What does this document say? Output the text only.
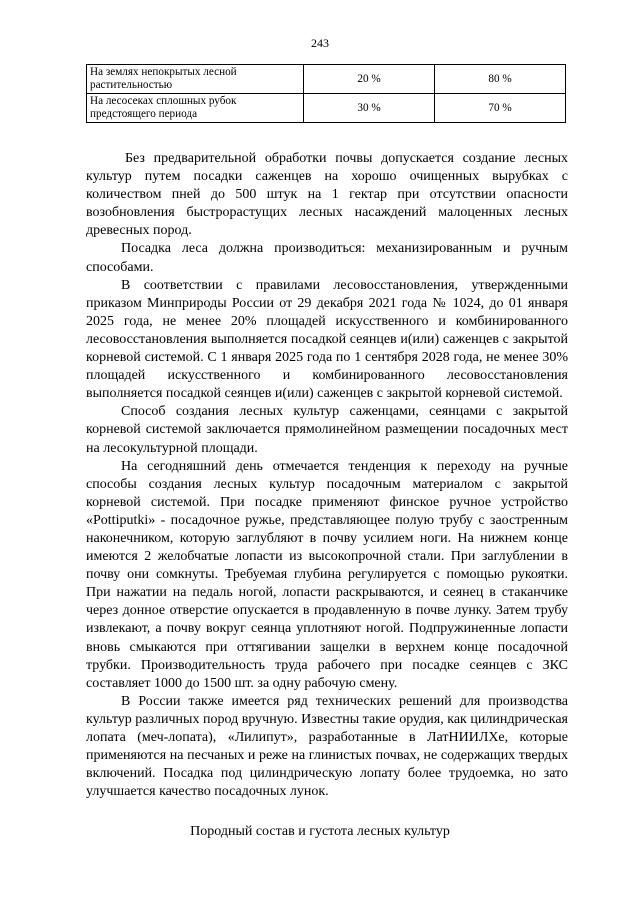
243
На землях непокрытых лесной растительностью	20 %	80 %
На лесосеках сплошных рубок предстоящего периода	30 %	70 %

Без предварительной обработки почвы допускается создание лесных культур путем посадки саженцев на хорошо очищенных вырубках с количеством пней до 500 штук на 1 гектар при отсутствии опасности возобновления быстрорастущих лесных насаждений малоценных лесных древесных пород.

Посадка леса должна производиться: механизированным и ручным способами.

В соответствии с правилами лесовосстановления, утвержденными приказом Минприроды России от 29 декабря 2021 года № 1024, до 01 января 2025 года, не менее 20% площадей искусственного и комбинированного лесовосстановления выполняется посадкой сеянцев и(или) саженцев с закрытой корневой системой. С 1 января 2025 года по 1 сентября 2028 года, не менее 30% площадей искусственного и комбинированного лесовосстановления выполняется посадкой сеянцев и(или) саженцев с закрытой корневой системой.

Способ создания лесных культур саженцами, сеянцами с закрытой корневой системой заключается прямолинейном размещении посадочных мест на лесокультурной площади.

На сегодняшний день отмечается тенденция к переходу на ручные способы создания лесных культур посадочным материалом с закрытой корневой системой. При посадке применяют финское ручное устройство «Pottiputki» - посадочное ружье, представляющее полую трубу с заостренным наконечником, которую заглубляют в почву усилием ноги. На нижнем конце имеются 2 желобчатые лопасти из высокопрочной стали. При заглублении в почву они сомкнуты. Требуемая глубина регулируется с помощью рукоятки. При нажатии на педаль ногой, лопасти раскрываются, и сеянец в стаканчике через донное отверстие опускается в продавленную в почве лунку. Затем трубу извлекают, а почву вокруг сеянца уплотняют ногой. Подпружиненные лопасти вновь смыкаются при оттягивании защелки в верхнем конце посадочной трубки. Производительность труда рабочего при посадке сеянцев с ЗКС составляет 1000 до 1500 шт. за одну рабочую смену.

В России также имеется ряд технических решений для производства культур различных пород вручную. Известны такие орудия, как цилиндрическая лопата (меч-лопата), «Лилипут», разработанные в ЛатНИИЛХе, которые применяются на песчаных и реже на глинистых почвах, не содержащих твердых включений. Посадка под цилиндрическую лопату более трудоемка, но зато улучшается качество посадочных лунок.

Породный состав и густота лесных культур
